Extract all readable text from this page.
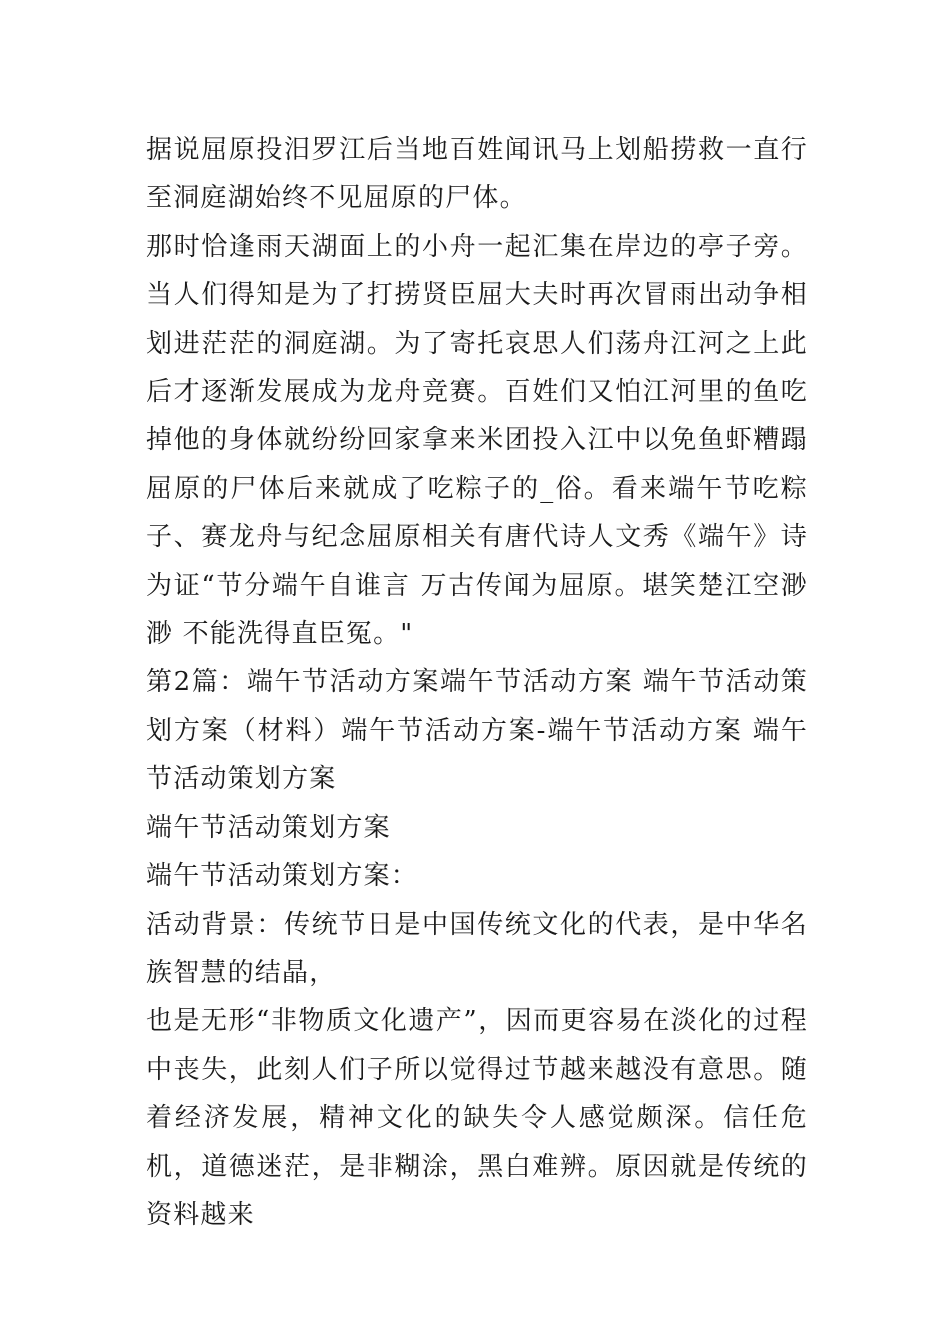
据说屈原投汨罗江后当地百姓闻讯马上划船捞救一直行至洞庭湖始终不见屈原的尸体。

那时恰逢雨天湖面上的小舟一起汇集在岸边的亭子旁。当人们得知是为了打捞贤臣屈大夫时再次冒雨出动争相划进茫茫的洞庭湖。为了寄托哀思人们荡舟江河之上此后才逐渐发展成为龙舟竞赛。百姓们又怕江河里的鱼吃掉他的身体就纷纷回家拿来米团投入江中以免鱼虾糟蹋屈原的尸体后来就成了吃粽子的_俗。看来端午节吃粽子、赛龙舟与纪念屈原相关有唐代诗人文秀《端午》诗为证“节分端午自谁言 万古传闻为屈原。堪笑楚江空渺渺 不能洗得直臣冤。"

第2篇：端午节活动方案端午节活动方案 端午节活动策划方案（材料）端午节活动方案-端午节活动方案 端午节活动策划方案

端午节活动策划方案

端午节活动策划方案：

活动背景：传统节日是中国传统文化的代表，是中华名族智慧的结晶，

也是无形“非物质文化遗产”，因而更容易在淡化的过程中丧失，此刻人们子所以觉得过节越来越没有意思。随着经济发展，精神文化的缺失令人感觉颇深。信任危机，道德迷茫，是非糊涂，黑白难辨。原因就是传统的资料越来
